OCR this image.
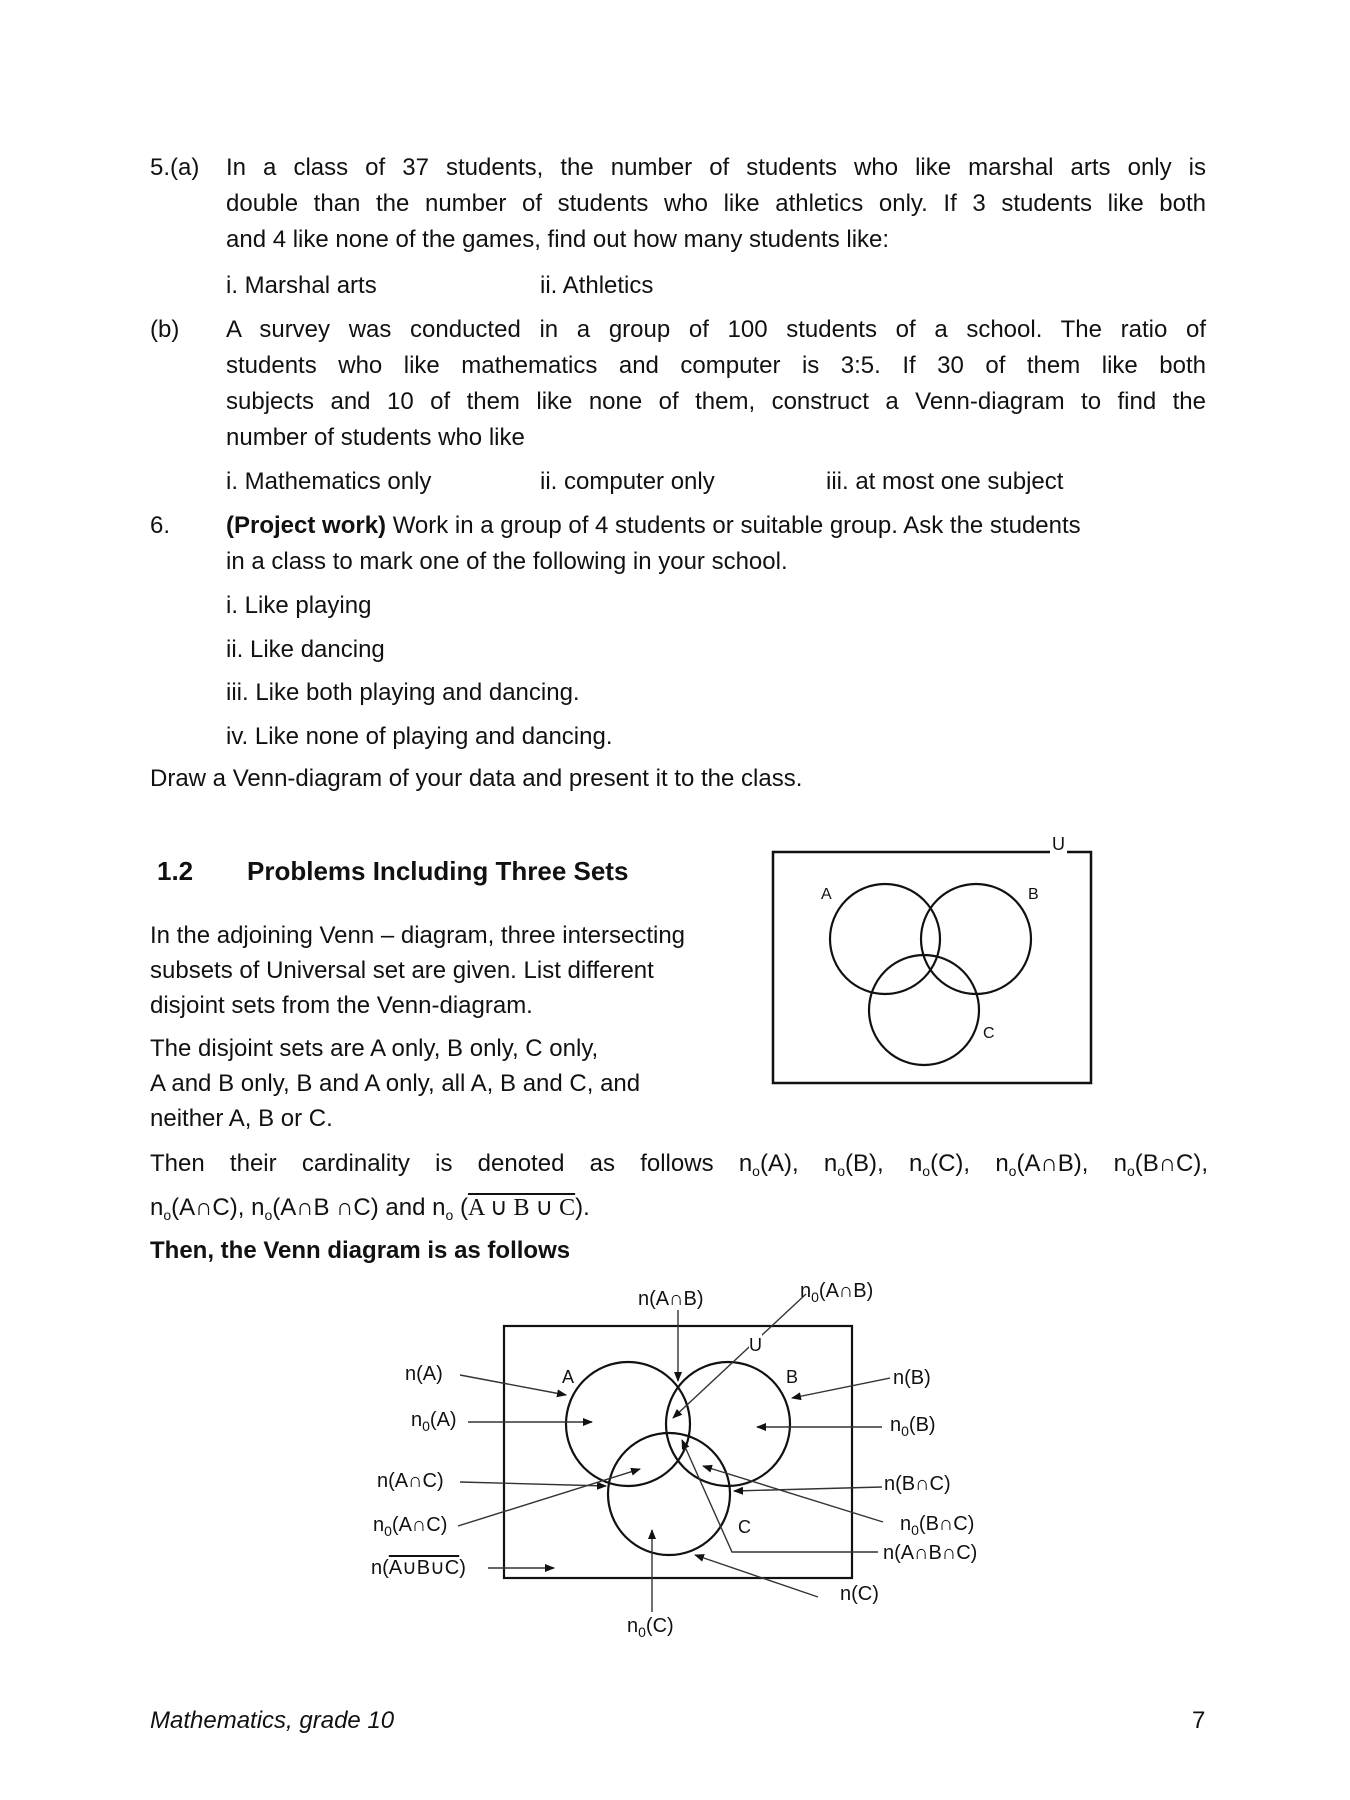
5.(a) In a class of 37 students, the number of students who like marshal arts only is
double than the number of students who like athletics only. If 3 students like both
and 4 like none of the games, find out how many students like:
i. Marshal arts	ii. Athletics
(b) A survey was conducted in a group of 100 students of a school. The ratio of
students who like mathematics and computer is 3:5. If 30 of them like both
subjects and 10 of them like none of them, construct a Venn-diagram to find the
number of students who like
i. Mathematics only	ii. computer only	iii. at most one subject
6. (Project work) Work in a group of 4 students or suitable group. Ask the students
in a class to mark one of the following in your school.
i. Like playing
ii. Like dancing
iii. Like both playing and dancing.
iv. Like none of playing and dancing.
Draw a Venn-diagram of your data and present it to the class.
1.2 Problems Including Three Sets
In the adjoining Venn – diagram, three intersecting
subsets of Universal set are given. List different
disjoint sets from the Venn-diagram.
The disjoint sets are A only, B only, C only,
A and B only, B and A only, all A, B and C, and
neither A, B or C.
U
A	B
C
Then their cardinality is denoted as follows $n_o(A)$, $n_o(B)$, $n_o(C)$, $n_o(A\cap B)$, $n_o(B\cap C)$,
$n_o(A\cap C)$, $n_o(A\cap B$ ∩C) and $n_o$ (A ∪ B ∪ C).
Then, the Venn diagram is as follows
U
A	B
C
n(A)
$n_0(A)$
n(A∩C)
$n_0(A\cap C)$
n(A∪B∪C)
n(A∩B)	$n_0(A\cap B)$
n(B)
$n_0(B)$
n(B∩C)
$n_0(B\cap C)$
n(A∩B∩C)
n(C)
$n_0(C)$
Mathematics, grade 10	7
